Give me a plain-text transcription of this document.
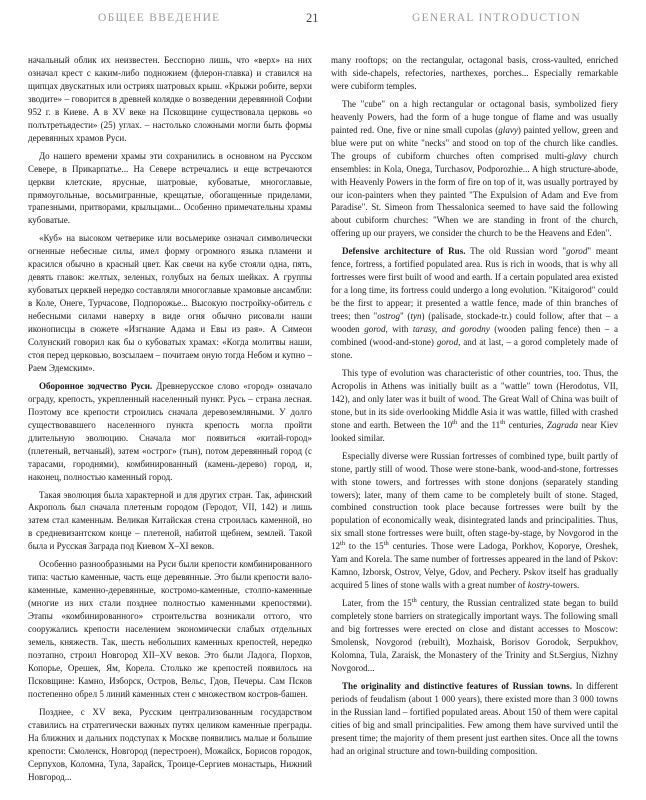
ОБЩЕЕ ВВЕДЕНИЕ	21	GENERAL INTRODUCTION

начальный облик их неизвестен. Бесспорно лишь, что «верх» на них означал крест с каким-либо подножием (флерон-главка) и ставился на щипцах двускатных или остриях шатровых крыш. «Крыжи робите, верхи зводите» – говорится в древней колядке о возведении деревянной Софии 952 г. в Киеве. А в XV веке на Псковщине существовала церковь «о полътретьядести» (25) углах. – настолько сложными могли быть формы деревянных храмов Руси.

До нашего времени храмы эти сохранились в основном на Русском Севере, в Прикарпатье... На Севере встречались и еще встречаются церкви клетские, ярусные, шатровые, кубоватые, многоглавые, прямоугольные, восьмигранные, крещатые, обогащенные приделами, трапезными, притворами, крыльцами... Особенно примечательны храмы кубоватые.

«Куб» на высоком четверике или восьмерике означал символически огненные небесные силы, имел форму огромного языка пламени и красился обычно в красный цвет. Как свечи на кубе стояли одна, пять, девять главок: желтых, зеленых, голубых на белых шейках. А группы кубоватых церквей нередко составляли многоглавые храмовые ансамбли: в Коле, Онеге, Турчасове, Подпорожье... Высокую постройку-обитель с небесными силами наверху в виде огня обычно рисовали наши иконописцы в сюжете «Изгнание Адама и Евы из рая». А Симеон Солунский говорил как бы о кубоватых храмах: «Когда молитвы наши, стоя перед церковью, возсылаем – почитаем оную тогда Небом и купно – Раем Эдемским».

Оборонное зодчество Руси. Древнерусское слово «город» означало ограду, крепость, укрепленный населенный пункт. Русь – страна лесная. Поэтому все крепости строились сначала деревоземляными. У долго существовавшего населенного пункта крепость могла пройти длительную эволюцию. Сначала мог появиться «китай-город» (плетеный, ветчаный), затем «острог» (тын), потом деревянный город (с тарасами, городнями), комбинированный (камень-дерево) город, и, наконец, полностью каменный город.

Такая эволюция была характерной и для других стран. Так, афинский Акрополь был сначала плетеным городом (Геродот, VII, 142) и лишь затем стал каменным. Великая Китайская стена строилась каменной, но в средневизантском конце – плетеной, набитой щебнем, землей. Такой была и Русская Заграда под Киевом X–XI веков.

Особенно разнообразными на Руси были крепости комбинированного типа: частью каменные, часть еще деревянные. Это были крепости вало-каменные, каменно-деревянные, костромо-каменные, столпо-каменные (многие из них стали позднее полностью каменными крепостями). Этапы «комбинированного» строительства возникали оттого, что сооружались крепости населением экономически слабых отдельных земель, княжеств. Так, шесть небольших каменных крепостей, нередко поэтапно, строил Новгород XII–XV веков. Это были Ладога, Порхов, Копорье, Орешек, Ям, Корела. Столько же крепостей появилось на Псковщине: Камно, Изборск, Остров, Вельс, Гдов, Печеры. Сам Псков постепенно обрел 5 линий каменных стен с множеством костров-башен.

Позднее, с XV века, Русским централизованным государством ставились на стратегически важных путях целиком каменные преграды. На ближних и дальних подступах к Москве появились малые и большие крепости: Смоленск, Новгород (перестроен), Можайск, Борисов городок, Серпухов, Коломна, Тула, Зарайск, Троице-Сергиев монастырь, Нижний Новгород...

many rooftops; on the rectangular, octagonal basis, cross-vaulted, enriched with side-chapels, refectories, narthexes, porches... Especially remarkable were cubiform temples.

The "cube" on a high rectangular or octagonal basis, symbolized fiery heavenly Powers, had the form of a huge tongue of flame and was usually painted red. One, five or nine small cupolas (glavy) painted yellow, green and blue were put on white "necks" and stood on top of the church like candles. The groups of cubiform churches often comprised multi-glavy church ensembles: in Kola, Onega, Turchasov, Podporozhie... A high structure-abode, with Heavenly Powers in the form of fire on top of it, was usually portrayed by our icon-painters when they painted "The Expulsion of Adam and Eve from Paradise". St. Simeon from Thessalonica seemed to have said the following about cubiform churches: "When we are standing in front of the church, offering up our prayers, we consider the church to be the Heavens and Eden".

Defensive architecture of Rus. The old Russian word "gorod" meant fence, fortress, a fortified populated area. Rus is rich in woods, that is why all fortresses were first built of wood and earth. If a certain populated area existed for a long time, its fortress could undergo a long evolution. "Kitaigorod" could be the first to appear; it presented a wattle fence, made of thin branches of trees; then "ostrog" (tyn) (palisade, stockade-tr.) could follow, after that – a wooden gorod, with tarasy, and gorodny (wooden paling fence) then – a combined (wood-and-stone) gorod, and at last, – a gorod completely made of stone.

This type of evolution was characteristic of other countries, too. Thus, the Acropolis in Athens was initially built as a "wattle" town (Herodotus, VII, 142), and only later was it built of wood. The Great Wall of China was built of stone, but in its side overlooking Middle Asia it was wattle, filled with crashed stone and earth. Between the 10th and the 11th centuries, Zagrada near Kiev looked similar.

Especially diverse were Russian fortresses of combined type, built partly of stone, partly still of wood. Those were stone-bank, wood-and-stone, fortresses with stone towers, and fortresses with stone donjons (separately standing towers); later, many of them came to be completely built of stone. Staged, combined construction took place because fortresses were built by the population of economically weak, disintegrated lands and principalities. Thus, six small stone fortresses were built, often stage-by-stage, by Novgorod in the 12th to the 15th centuries. Those were Ladoga, Porkhov, Koporye, Oreshek, Yam and Korela. The same number of fortresses appeared in the land of Pskov: Kamno, Izborsk, Ostrov, Velye, Gdov, and Pechery. Pskov itself has gradually acquired 5 lines of stone walls with a great number of kostry-towers.

Later, from the 15th century, the Russian centralized state began to build completely stone barriers on strategically important ways. The following small and big fortresses were erected on close and distant accesses to Moscow: Smolensk, Novgorod (rebuilt), Mozhaisk, Borisov Gorodok, Serpukhov, Kolomna, Tula, Zaraisk, the Monastery of the Trinity and St.Sergius, Nizhny Novgorod...

The originality and distinctive features of Russian towns. In different periods of feudalism (about 1 000 years), there existed more than 3 000 towns in the Russian land – fortified populated areas. About 150 of them were capital cities of big and small principalities. Few among them have survived until the present time; the majority of them present just earthen sites. Once all the towns had an original structure and town-building composition.
